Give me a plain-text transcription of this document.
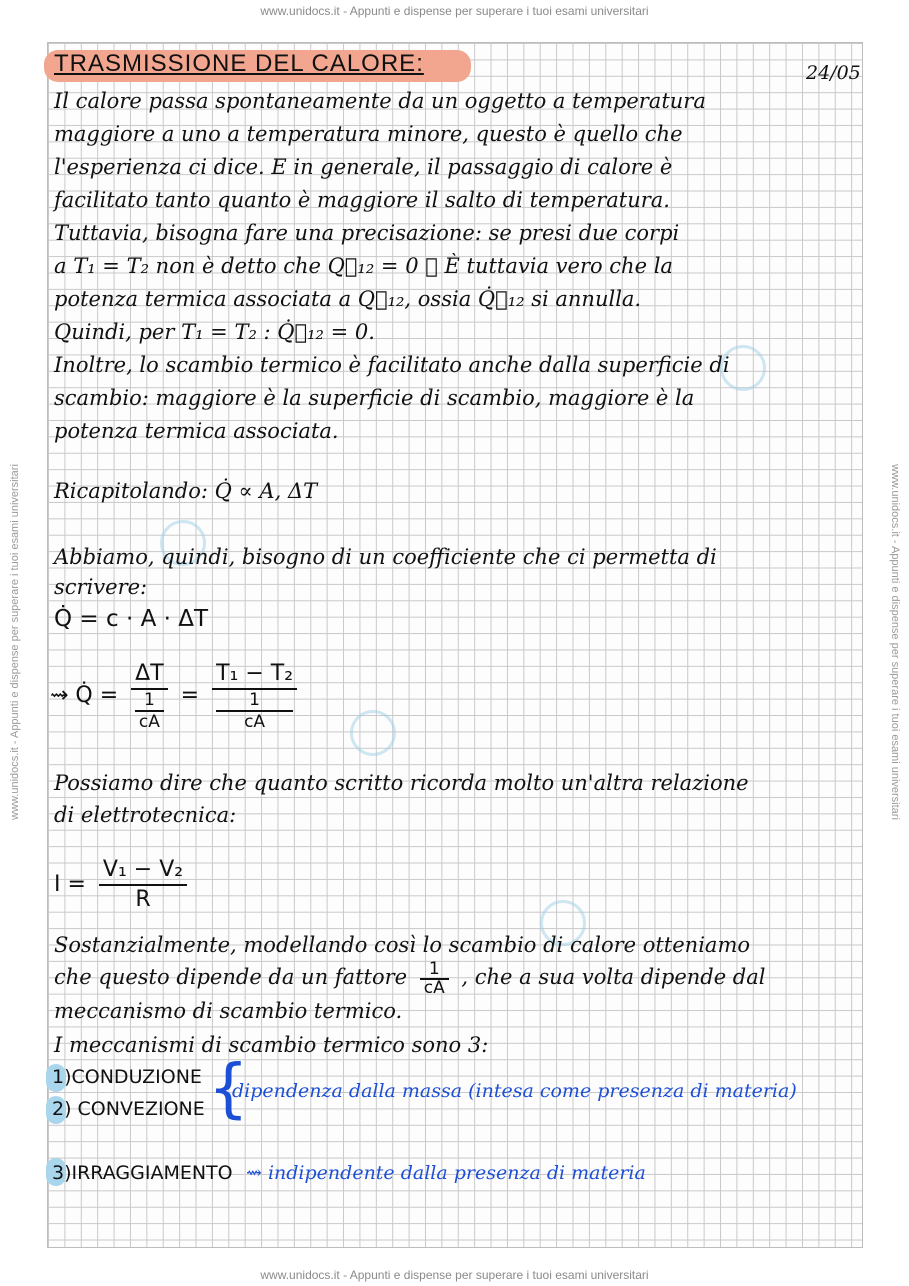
www.unidocs.it - Appunti e dispense per superare i tuoi esami universitari
www.unidocs.it - Appunti e dispense per superare i tuoi esami universitari
www.unidocs.it - Appunti e dispense per superare i tuoi esami universitari	www.unidocs.it - Appunti e dispense per superare i tuoi esami universitari
TRASMISSIONE DEL CALORE:	24/05
Il calore passa spontaneamente da un oggetto a temperatura
maggiore a uno a temperatura minore, questo è quello che
l'esperienza ci dice. E in generale, il passaggio di calore è
facilitato tanto quanto è maggiore il salto di temperatura.
Tuttavia, bisogna fare una precisazione: se presi due corpi
a T₁ = T₂ non è detto che Q⃗₁₂ = 0 ❢ È tuttavia vero che la
potenza termica associata a Q⃗₁₂, ossia Q̇⃗₁₂ si annulla.
Quindi, per T₁ = T₂ : Q̇⃗₁₂ = 0.
Inoltre, lo scambio termico è facilitato anche dalla superficie di
scambio: maggiore è la superficie di scambio, maggiore è la
potenza termica associata.
Ricapitolando: Q̇ ∝ A, ΔT
Abbiamo, quindi, bisogno di un coefficiente che ci permetta di
scrivere:
Q̇ = c · A · ΔT
⇝ Q̇ = ΔT
1
cA = T₁ − T₂
1
cA
Possiamo dire che quanto scritto ricorda molto un'altra relazione
di elettrotecnica:
$I = \frac{\text{V₁ − V₂}}{R}$
Sostanzialmente, modellando così lo scambio di calore otteniamo
che questo dipende da un fattore $\frac{1}{cA}$ , che a sua volta dipende dal
meccanismo di scambio termico.
I meccanismi di scambio termico sono 3:
1)CONDUZIONE
2) CONVEZIONE {
dipendenza dalla massa (intesa come presenza di materia)
3)IRRAGGIAMENTO ⇝ indipendente dalla presenza di materia
